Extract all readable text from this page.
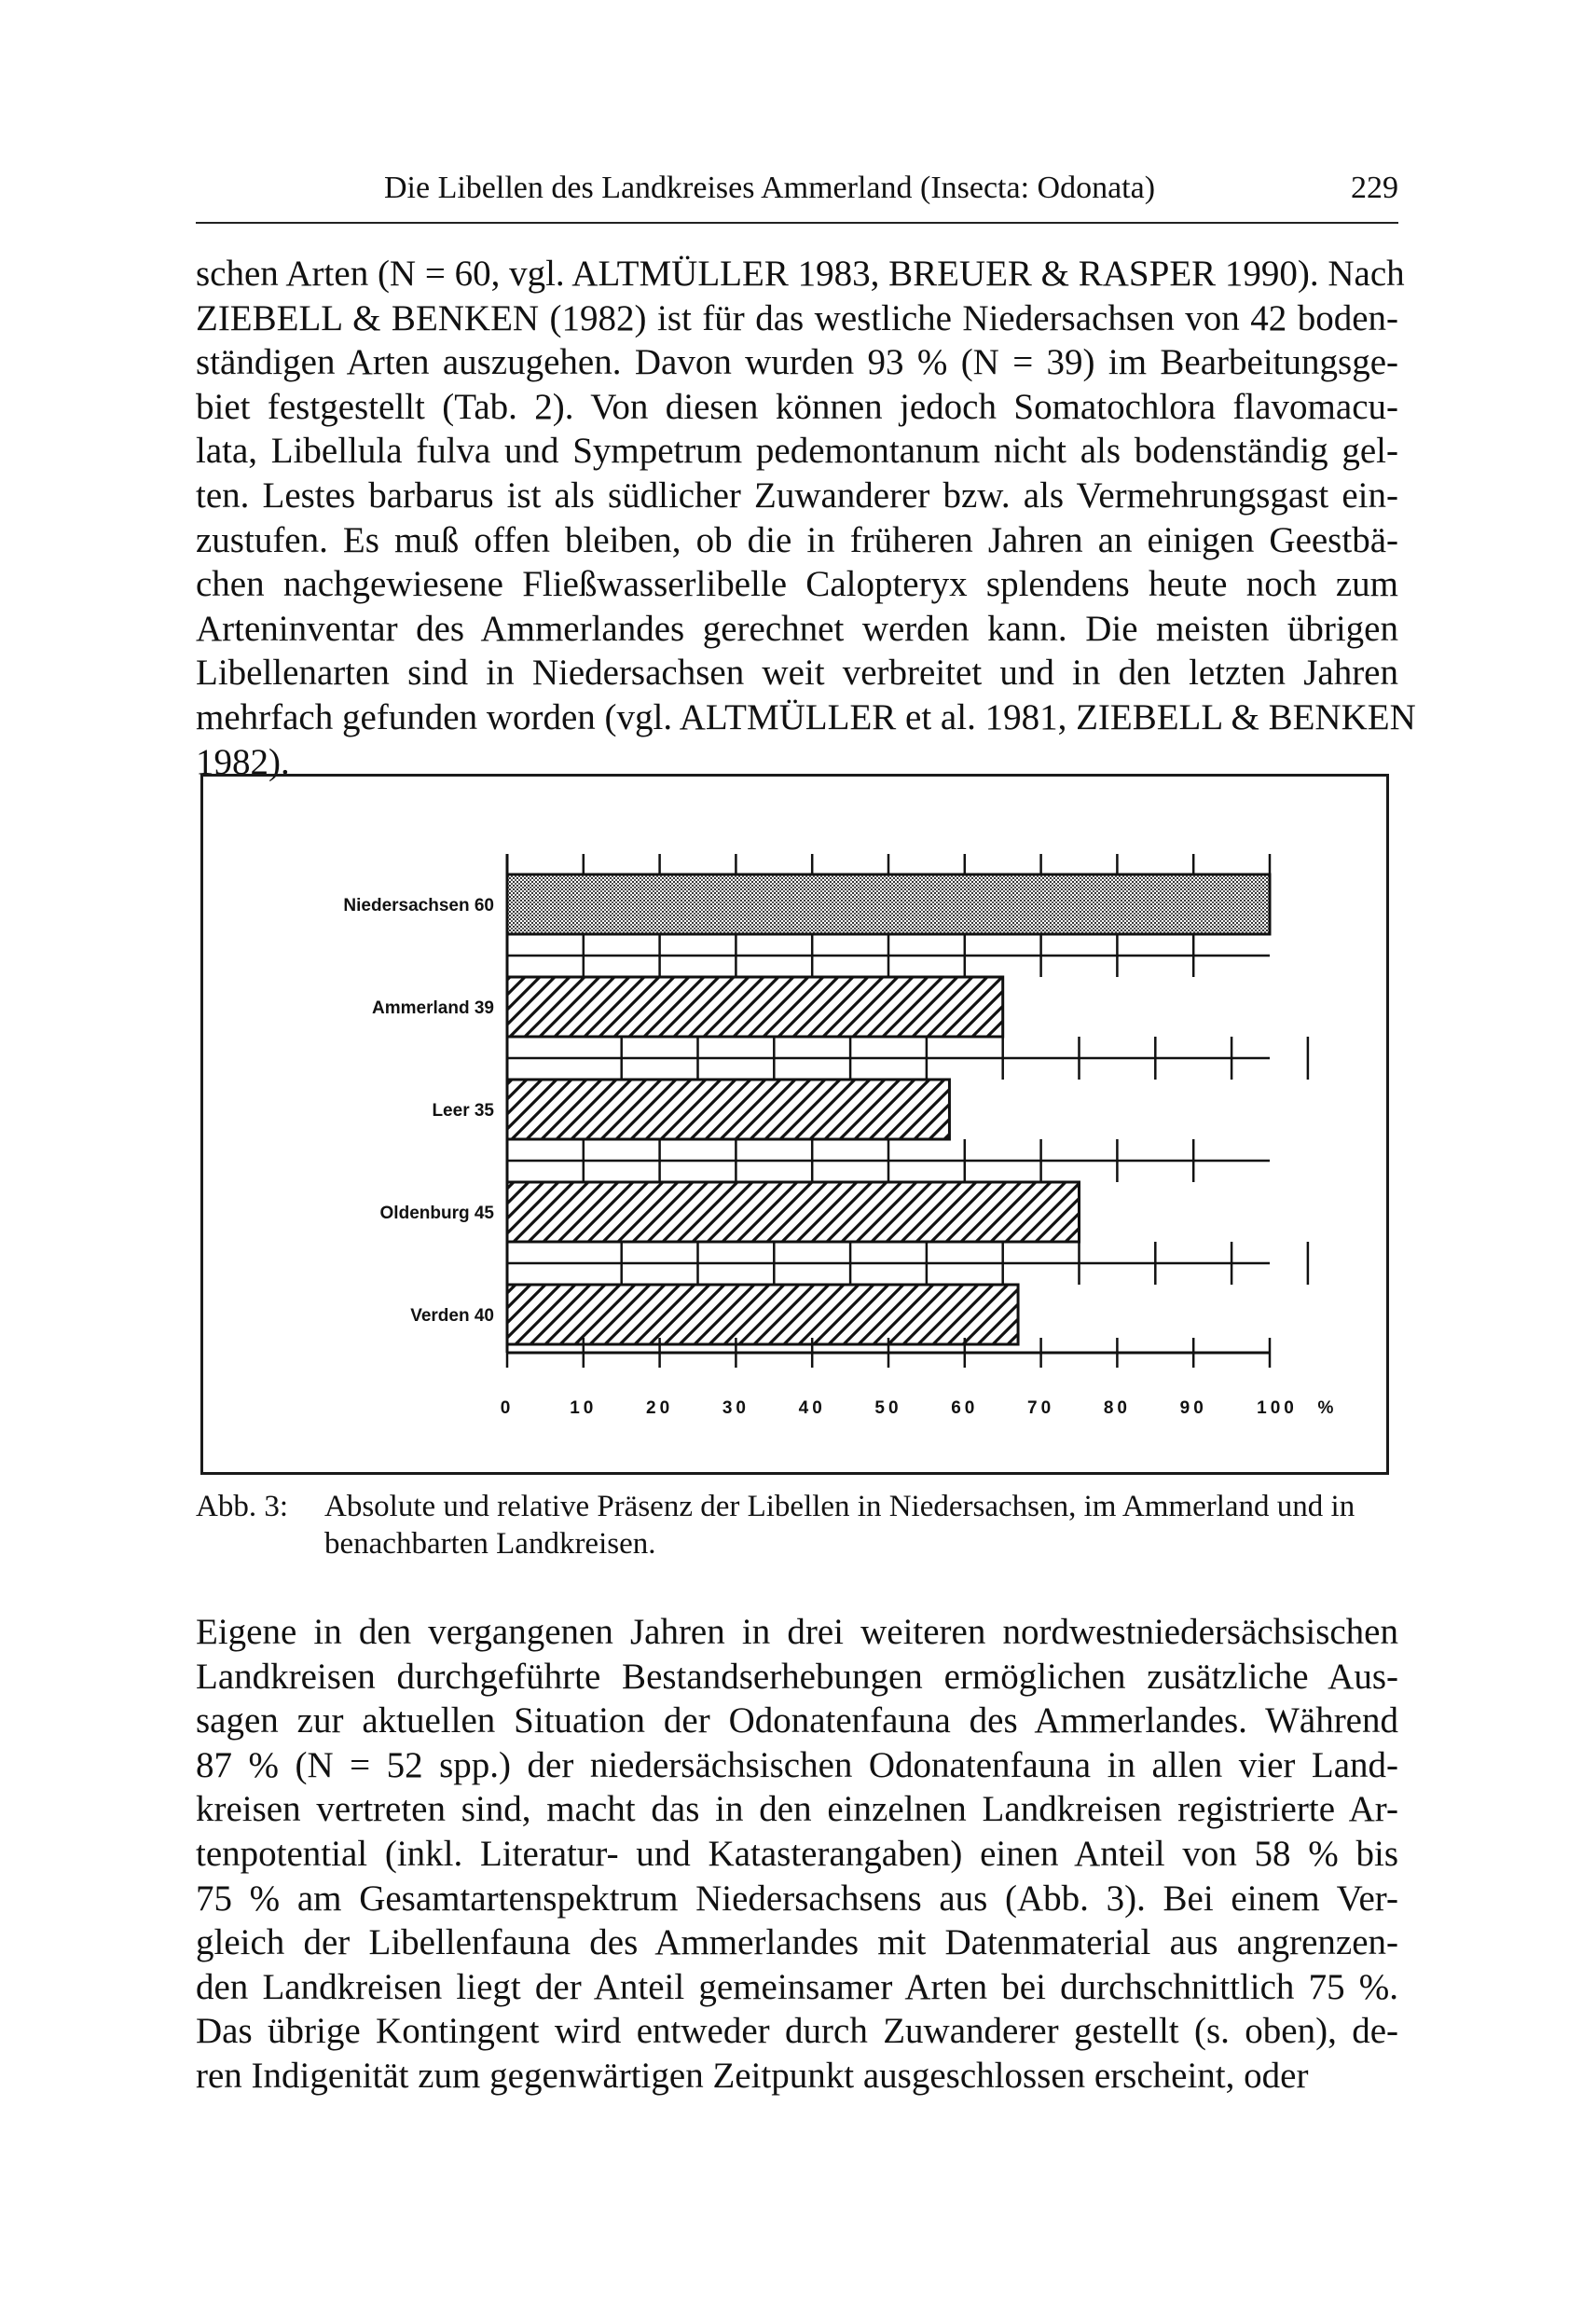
Die Libellen des Landkreises Ammerland (Insecta: Odonata)	229
schen Arten (N = 60, vgl. ALTMÜLLER 1983, BREUER & RASPER 1990). Nach
ZIEBELL & BENKEN (1982) ist für das westliche Niedersachsen von 42 boden-
ständigen Arten auszugehen. Davon wurden 93 % (N = 39) im Bearbeitungsge-
biet festgestellt (Tab. 2). Von diesen können jedoch Somatochlora flavomacu-
lata, Libellula fulva und Sympetrum pedemontanum nicht als bodenständig gel-
ten. Lestes barbarus ist als südlicher Zuwanderer bzw. als Vermehrungsgast ein-
zustufen. Es muß offen bleiben, ob die in früheren Jahren an einigen Geestbä-
chen nachgewiesene Fließwasserlibelle Calopteryx splendens heute noch zum
Arteninventar des Ammerlandes gerechnet werden kann. Die meisten übrigen
Libellenarten sind in Niedersachsen weit verbreitet und in den letzten Jahren
mehrfach gefunden worden (vgl. ALTMÜLLER et al. 1981, ZIEBELL & BENKEN
1982).
Niedersachsen 60
Ammerland 39
Leer 35
Oldenburg 45
Verden 40
0	10	20	30	40	50	60	70	80	90	100 %
Abb. 3: Absolute und relative Präsenz der Libellen in Niedersachsen, im Ammerland und in benachbarten Landkreisen.
Eigene in den vergangenen Jahren in drei weiteren nordwestniedersächsischen
Landkreisen durchgeführte Bestandserhebungen ermöglichen zusätzliche Aus-
sagen zur aktuellen Situation der Odonatenfauna des Ammerlandes. Während
87 % (N = 52 spp.) der niedersächsischen Odonatenfauna in allen vier Land-
kreisen vertreten sind, macht das in den einzelnen Landkreisen registrierte Ar-
tenpotential (inkl. Literatur- und Katasterangaben) einen Anteil von 58 % bis
75 % am Gesamtartenspektrum Niedersachsens aus (Abb. 3). Bei einem Ver-
gleich der Libellenfauna des Ammerlandes mit Datenmaterial aus angrenzen-
den Landkreisen liegt der Anteil gemeinsamer Arten bei durchschnittlich 75 %.
Das übrige Kontingent wird entweder durch Zuwanderer gestellt (s. oben), de-
ren Indigenität zum gegenwärtigen Zeitpunkt ausgeschlossen erscheint, oder
